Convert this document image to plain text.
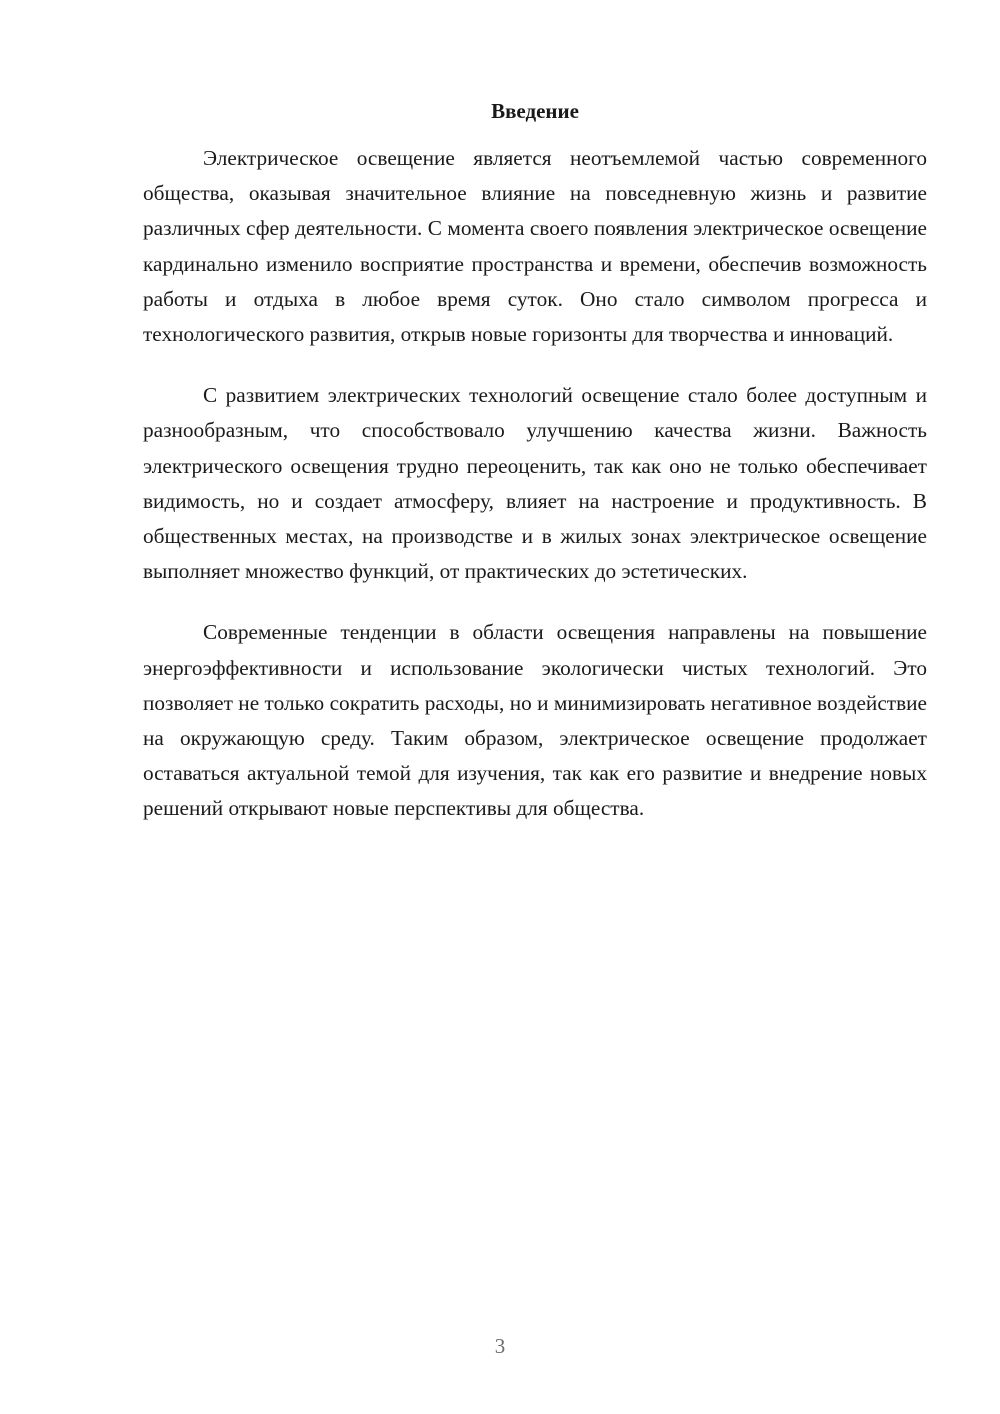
Введение

Электрическое освещение является неотъемлемой частью современного общества, оказывая значительное влияние на повседневную жизнь и развитие различных сфер деятельности. С момента своего появления электрическое освещение кардинально изменило восприятие пространства и времени, обеспечив возможность работы и отдыха в любое время суток. Оно стало символом прогресса и технологического развития, открыв новые горизонты для творчества и инноваций.

С развитием электрических технологий освещение стало более доступным и разнообразным, что способствовало улучшению качества жизни. Важность электрического освещения трудно переоценить, так как оно не только обеспечивает видимость, но и создает атмосферу, влияет на настроение и продуктивность. В общественных местах, на производстве и в жилых зонах электрическое освещение выполняет множество функций, от практических до эстетических.

Современные тенденции в области освещения направлены на повышение энергоэффективности и использование экологически чистых технологий. Это позволяет не только сократить расходы, но и минимизировать негативное воздействие на окружающую среду. Таким образом, электрическое освещение продолжает оставаться актуальной темой для изучения, так как его развитие и внедрение новых решений открывают новые перспективы для общества.

3
